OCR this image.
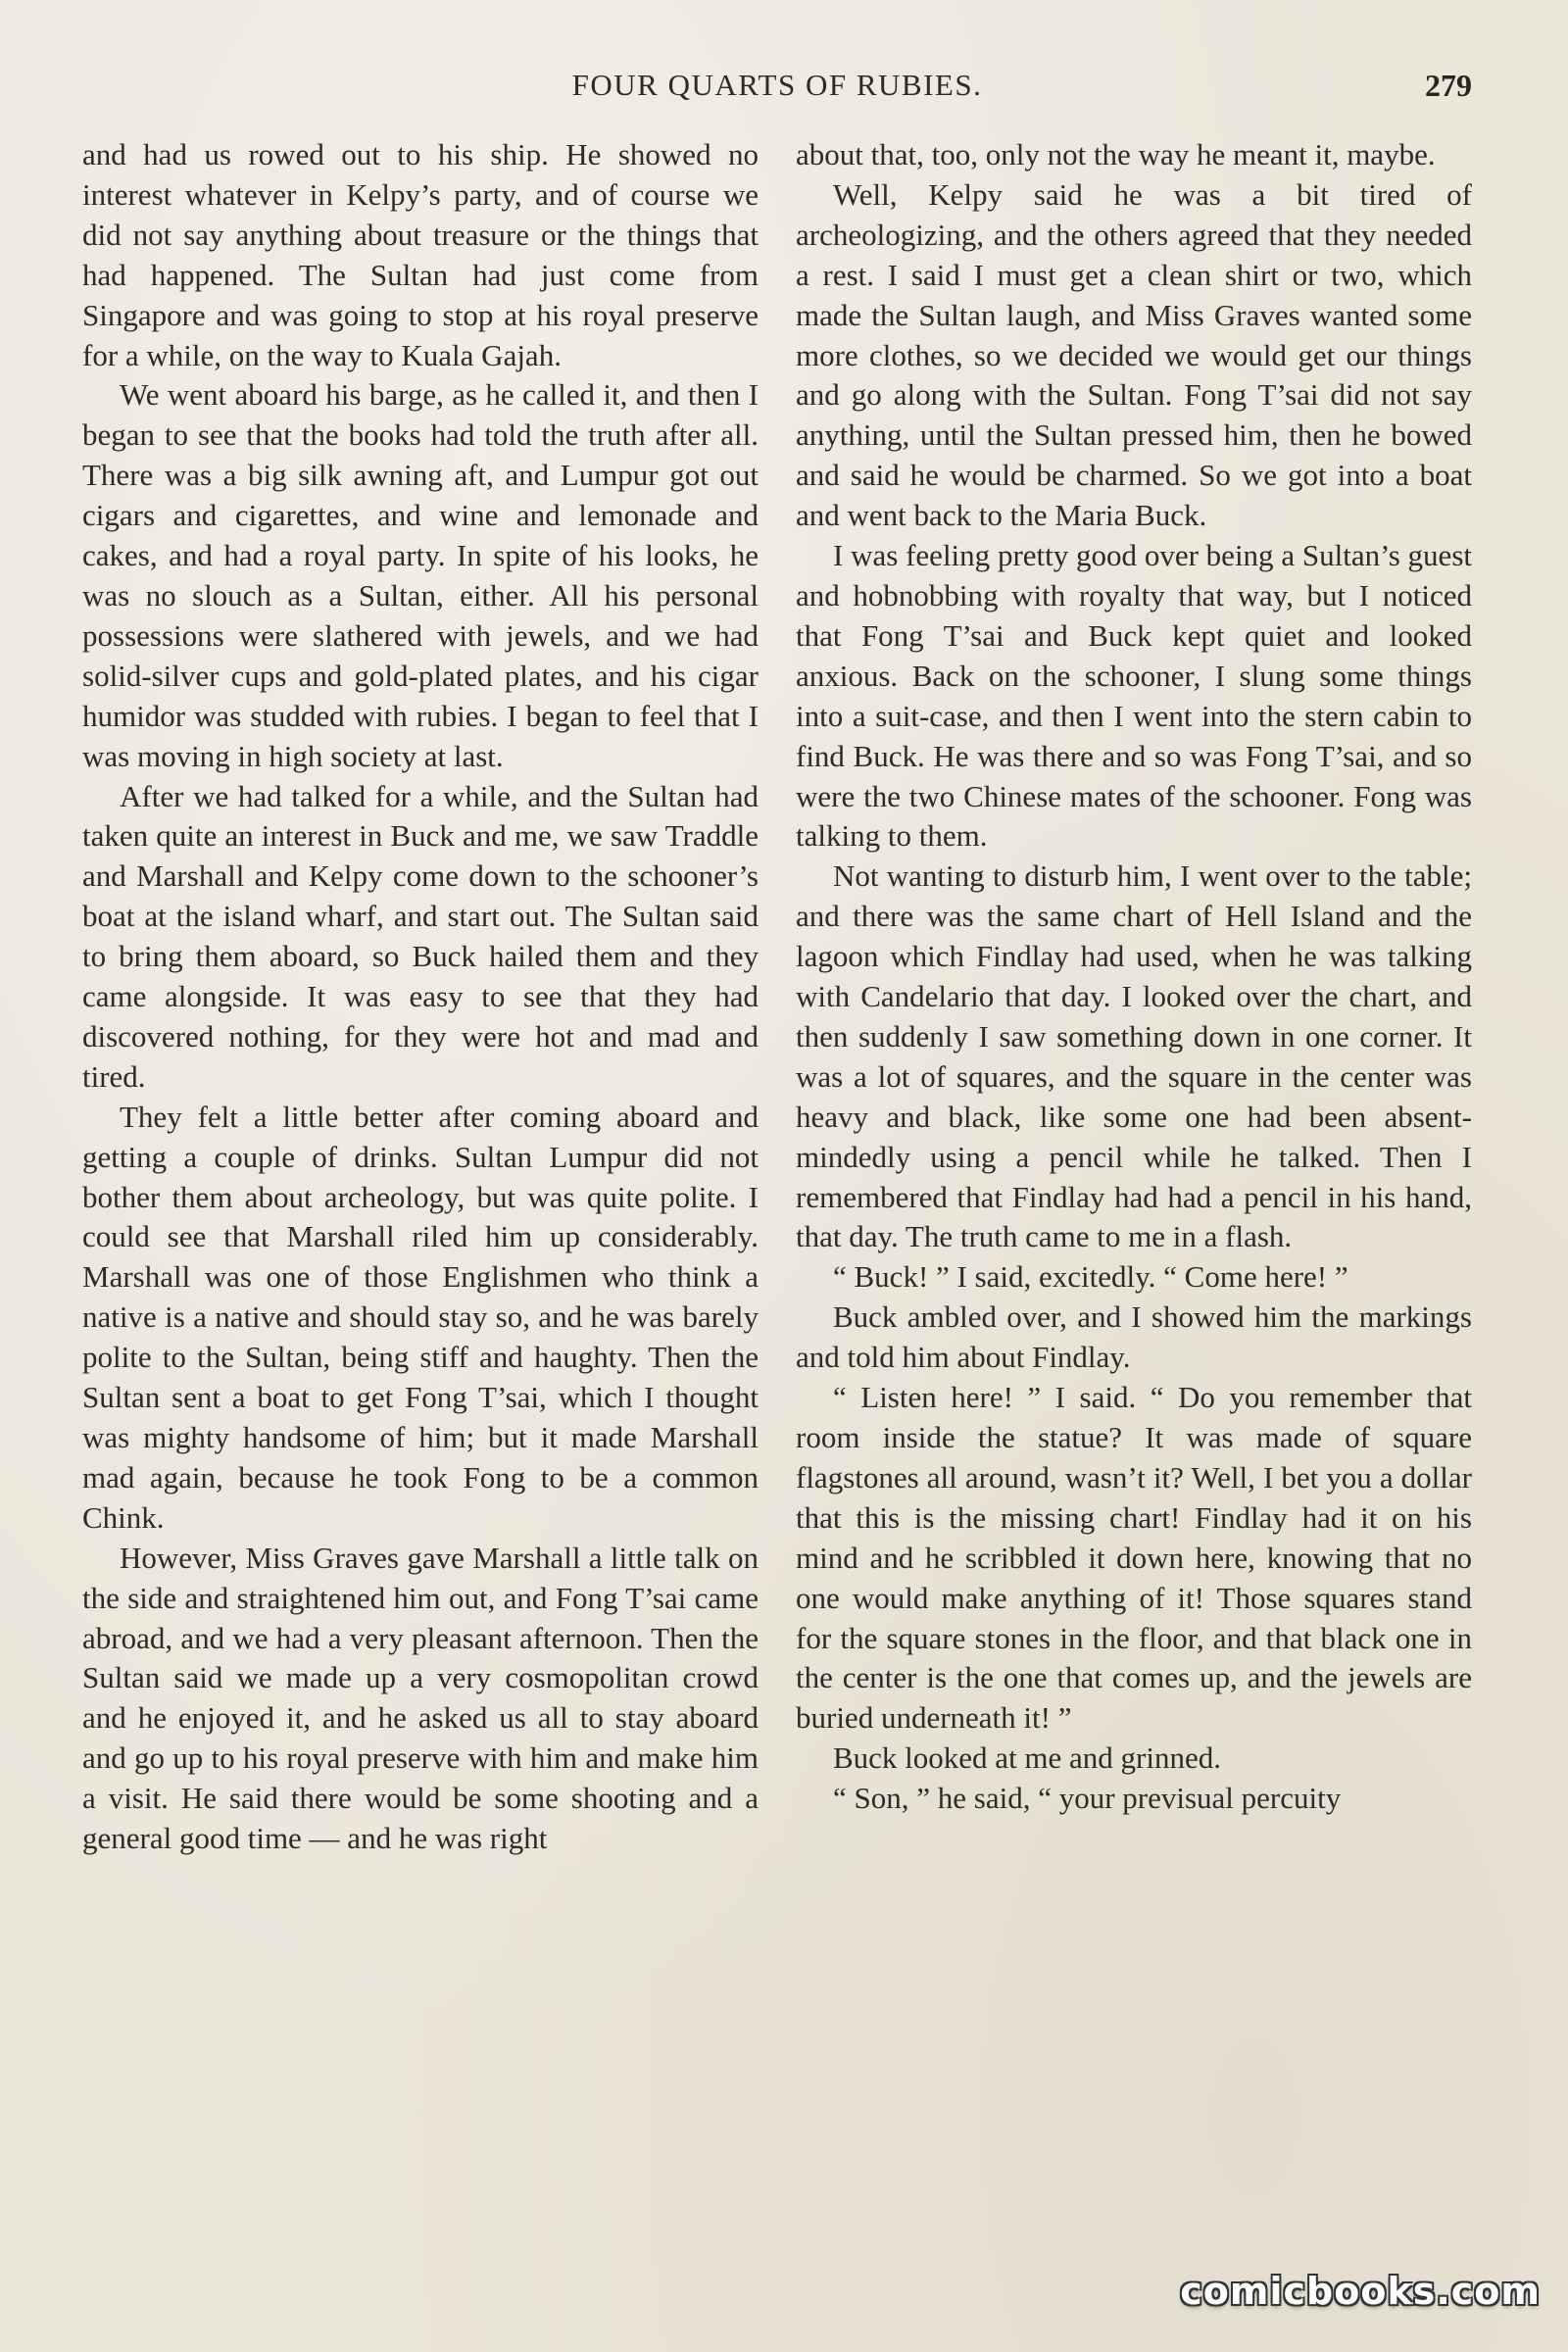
FOUR QUARTS OF RUBIES.	279

and had us rowed out to his ship. He showed no interest whatever in Kelpy’s party, and of course we did not say anything about treasure or the things that had happened. The Sultan had just come from Singapore and was going to stop at his royal preserve for a while, on the way to Kuala Gajah.

We went aboard his barge, as he called it, and then I began to see that the books had told the truth after all. There was a big silk awning aft, and Lumpur got out cigars and cigarettes, and wine and lemonade and cakes, and had a royal party. In spite of his looks, he was no slouch as a Sultan, either. All his personal possessions were slathered with jewels, and we had solid-silver cups and gold-plated plates, and his cigar humidor was studded with rubies. I began to feel that I was moving in high society at last.

After we had talked for a while, and the Sultan had taken quite an interest in Buck and me, we saw Traddle and Marshall and Kelpy come down to the schooner’s boat at the island wharf, and start out. The Sultan said to bring them aboard, so Buck hailed them and they came alongside. It was easy to see that they had discovered nothing, for they were hot and mad and tired.

They felt a little better after coming aboard and getting a couple of drinks. Sultan Lumpur did not bother them about archeology, but was quite polite. I could see that Marshall riled him up considerably. Marshall was one of those Englishmen who think a native is a native and should stay so, and he was barely polite to the Sultan, being stiff and haughty. Then the Sultan sent a boat to get Fong T’sai, which I thought was mighty handsome of him; but it made Marshall mad again, because he took Fong to be a common Chink.

However, Miss Graves gave Marshall a little talk on the side and straightened him out, and Fong T’sai came abroad, and we had a very pleasant afternoon. Then the Sultan said we made up a very cosmopolitan crowd and he enjoyed it, and he asked us all to stay aboard and go up to his royal preserve with him and make him a visit. He said there would be some shooting and a general good time — and he was right

about that, too, only not the way he meant it, maybe.

Well, Kelpy said he was a bit tired of archeologizing, and the others agreed that they needed a rest. I said I must get a clean shirt or two, which made the Sultan laugh, and Miss Graves wanted some more clothes, so we decided we would get our things and go along with the Sultan. Fong T’sai did not say anything, until the Sultan pressed him, then he bowed and said he would be charmed. So we got into a boat and went back to the Maria Buck.

I was feeling pretty good over being a Sultan’s guest and hobnobbing with royalty that way, but I noticed that Fong T’sai and Buck kept quiet and looked anxious. Back on the schooner, I slung some things into a suit-case, and then I went into the stern cabin to find Buck. He was there and so was Fong T’sai, and so were the two Chinese mates of the schooner. Fong was talking to them.

Not wanting to disturb him, I went over to the table; and there was the same chart of Hell Island and the lagoon which Findlay had used, when he was talking with Candelario that day. I looked over the chart, and then suddenly I saw something down in one corner. It was a lot of squares, and the square in the center was heavy and black, like some one had been absent-mindedly using a pencil while he talked. Then I remembered that Findlay had had a pencil in his hand, that day. The truth came to me in a flash.

“ Buck! ” I said, excitedly. “ Come here! ”

Buck ambled over, and I showed him the markings and told him about Findlay.

“ Listen here! ” I said. “ Do you remember that room inside the statue? It was made of square flagstones all around, wasn’t it? Well, I bet you a dollar that this is the missing chart! Findlay had it on his mind and he scribbled it down here, knowing that no one would make anything of it! Those squares stand for the square stones in the floor, and that black one in the center is the one that comes up, and the jewels are buried underneath it! ”

Buck looked at me and grinned.

“ Son, ” he said, “ your previsual percuity

comicbooks.com
